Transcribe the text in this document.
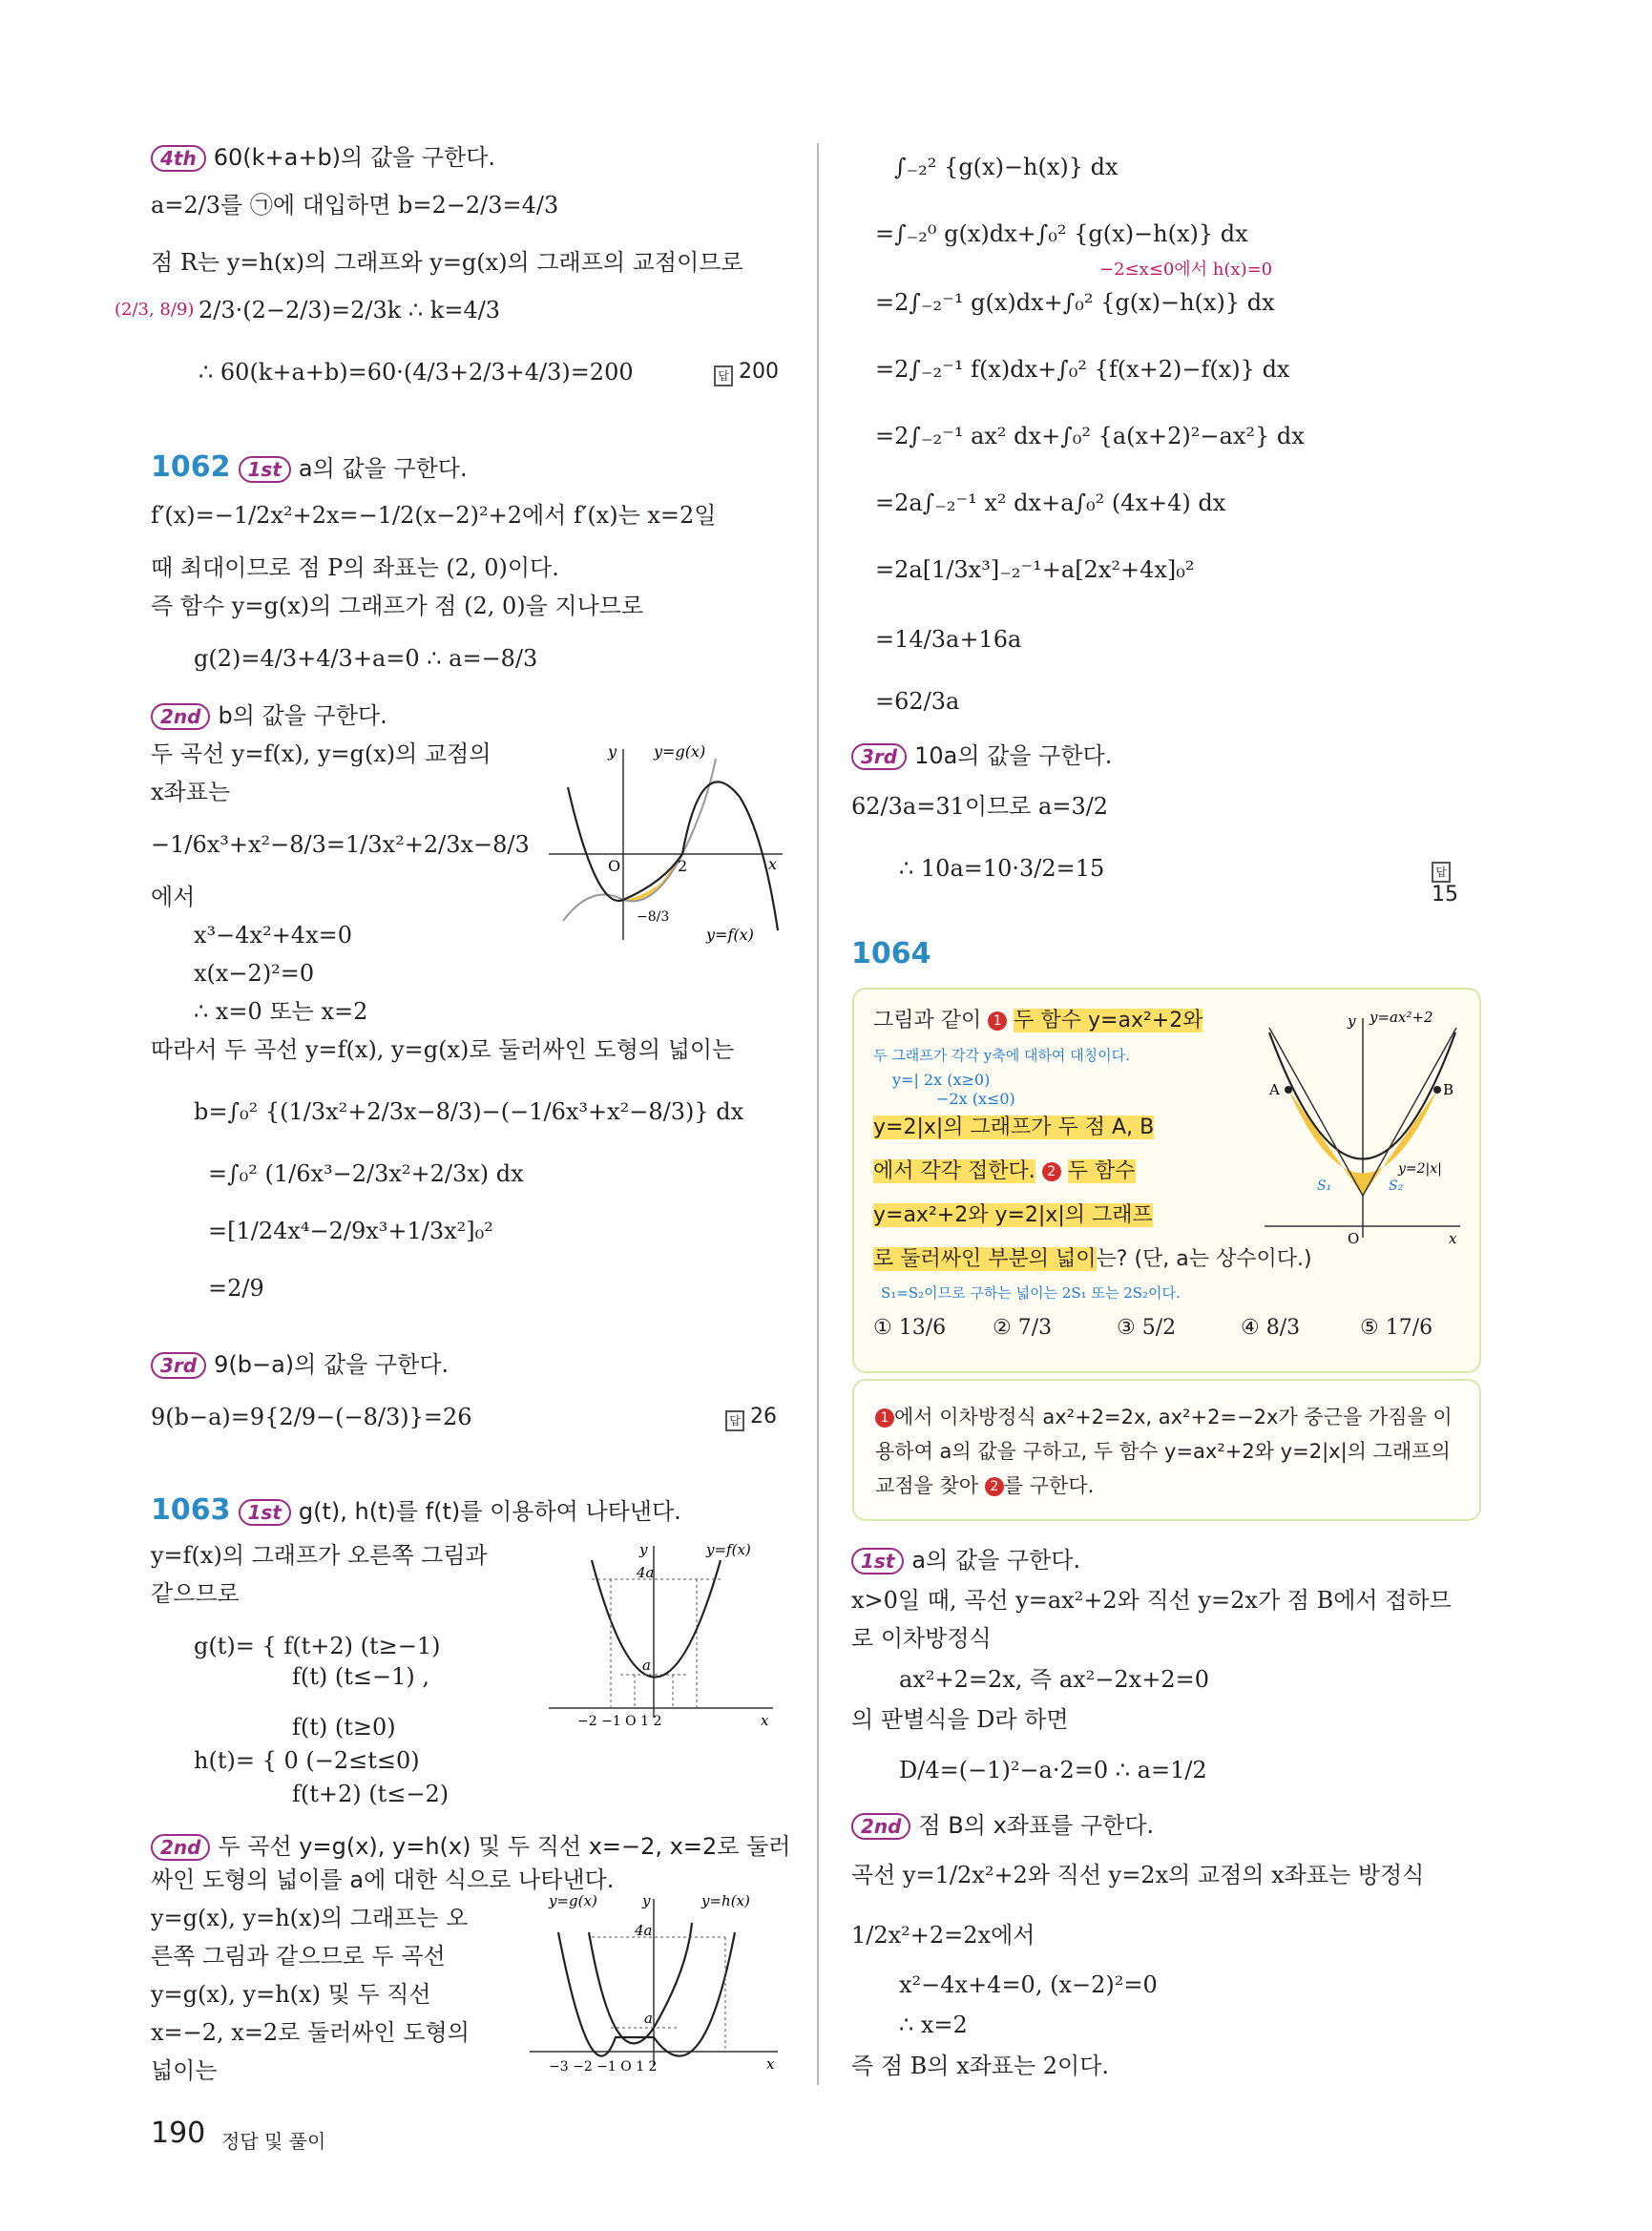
4th 60(k+a+b)의 값을 구한다.
a=2/3를 ㉠에 대입하면 b=2−2/3=4/3
점 R는 y=h(x)의 그래프와 y=g(x)의 그래프의 교점이므로
(2/3, 8/9) 2/3·(2−2/3)=2/3k ∴ k=4/3
∴ 60(k+a+b)=60·(4/3+2/3+4/3)=200	답 200
1062 1st a의 값을 구한다.
f′(x)=−1/2x²+2x=−1/2(x−2)²+2에서 f′(x)는 x=2일
때 최대이므로 점 P의 좌표는 (2, 0)이다.
즉 함수 y=g(x)의 그래프가 점 (2, 0)을 지나므로
g(2)=4/3+4/3+a=0 ∴ a=−8/3
2nd b의 값을 구한다.
두 곡선 y=f(x), y=g(x)의 교점의
x좌표는
−1/6x³+x²−8/3=1/3x²+2/3x−8/3
에서
x³−4x²+4x=0
x(x−2)²=0
∴ x=0 또는 x=2
따라서 두 곡선 y=f(x), y=g(x)로 둘러싸인 도형의 넓이는
b=∫₀² {(1/3x²+2/3x−8/3)−(−1/6x³+x²−8/3)} dx
=∫₀² (1/6x³−2/3x²+2/3x) dx
=[1/24x⁴−2/9x³+1/3x²]₀²
=2/9
3rd 9(b−a)의 값을 구한다.
9(b−a)=9{2/9−(−8/3)}=26	답 26
1063 1st g(t), h(t)를 f(t)를 이용하여 나타낸다.
y=f(x)의 그래프가 오른쪽 그림과
같으므로
g(t)= { f(t+2) (t≥−1)
f(t) (t≤−1) ,
f(t) (t≥0)
h(t)= { 0 (−2≤t≤0)
f(t+2) (t≤−2)
2nd 두 곡선 y=g(x), y=h(x) 및 두 직선 x=−2, x=2로 둘러
싸인 도형의 넓이를 a에 대한 식으로 나타낸다.
y=g(x), y=h(x)의 그래프는 오
른쪽 그림과 같으므로 두 곡선
y=g(x), y=h(x) 및 두 직선
x=−2, x=2로 둘러싸인 도형의
넓이는
y y=g(x)
O	2	x
−8/3
y=f(x)
y	y=f(x)
4a
a
−2 −1 O 1 2	x
y=g(x)	y	y=h(x)
4a
a
−3 −2 −1 O 1 2	x
∫₋₂² {g(x)−h(x)} dx
=∫₋₂⁰ g(x)dx+∫₀² {g(x)−h(x)} dx
−2≤x≤0에서 h(x)=0
=2∫₋₂⁻¹ g(x)dx+∫₀² {g(x)−h(x)} dx
=2∫₋₂⁻¹ f(x)dx+∫₀² {f(x+2)−f(x)} dx
=2∫₋₂⁻¹ ax² dx+∫₀² {a(x+2)²−ax²} dx
=2a∫₋₂⁻¹ x² dx+a∫₀² (4x+4) dx
=2a[1/3x³]₋₂⁻¹+a[2x²+4x]₀²
=14/3a+16a
=62/3a
3rd 10a의 값을 구한다.
62/3a=31이므로 a=3/2
∴ 10a=10·3/2=15	답15
1064
그림과 같이 1 두 함수 y=ax²+2와
두 그래프가 각각 y축에 대하여 대칭이다.
y=| 2x (x≥0)
−2x (x≤0)
y=2|x|의 그래프가 두 점 A, B
에서 각각 접한다. 2 두 함수
y=ax²+2와 y=2|x|의 그래프
로 둘러싸인 부분의 넓이는? (단, a는 상수이다.)
S₁=S₂이므로 구하는 넓이는 2S₁ 또는 2S₂이다.
① 13/6 ② 7/3	③ 5/2	④ 8/3	⑤ 17/6
y y=ax²+2
A	B
y=2|x|
S₁	S₂
O	x
1 에서 이차방정식 ax²+2=2x, ax²+2=−2x가 중근을 가짐을 이용하여 a의 값을 구하고, 두 함수 y=ax²+2와 y=2|x|의 그래프의 교점을 찾아 2 를 구한다.
1st a의 값을 구한다.
x>0일 때, 곡선 y=ax²+2와 직선 y=2x가 점 B에서 접하므
로 이차방정식
ax²+2=2x, 즉 ax²−2x+2=0
의 판별식을 D라 하면
D/4=(−1)²−a·2=0 ∴ a=1/2
2nd 점 B의 x좌표를 구한다.
곡선 y=1/2x²+2와 직선 y=2x의 교점의 x좌표는 방정식
1/2x²+2=2x에서
x²−4x+4=0, (x−2)²=0
∴ x=2
즉 점 B의 x좌표는 2이다.
190 정답 및 풀이
